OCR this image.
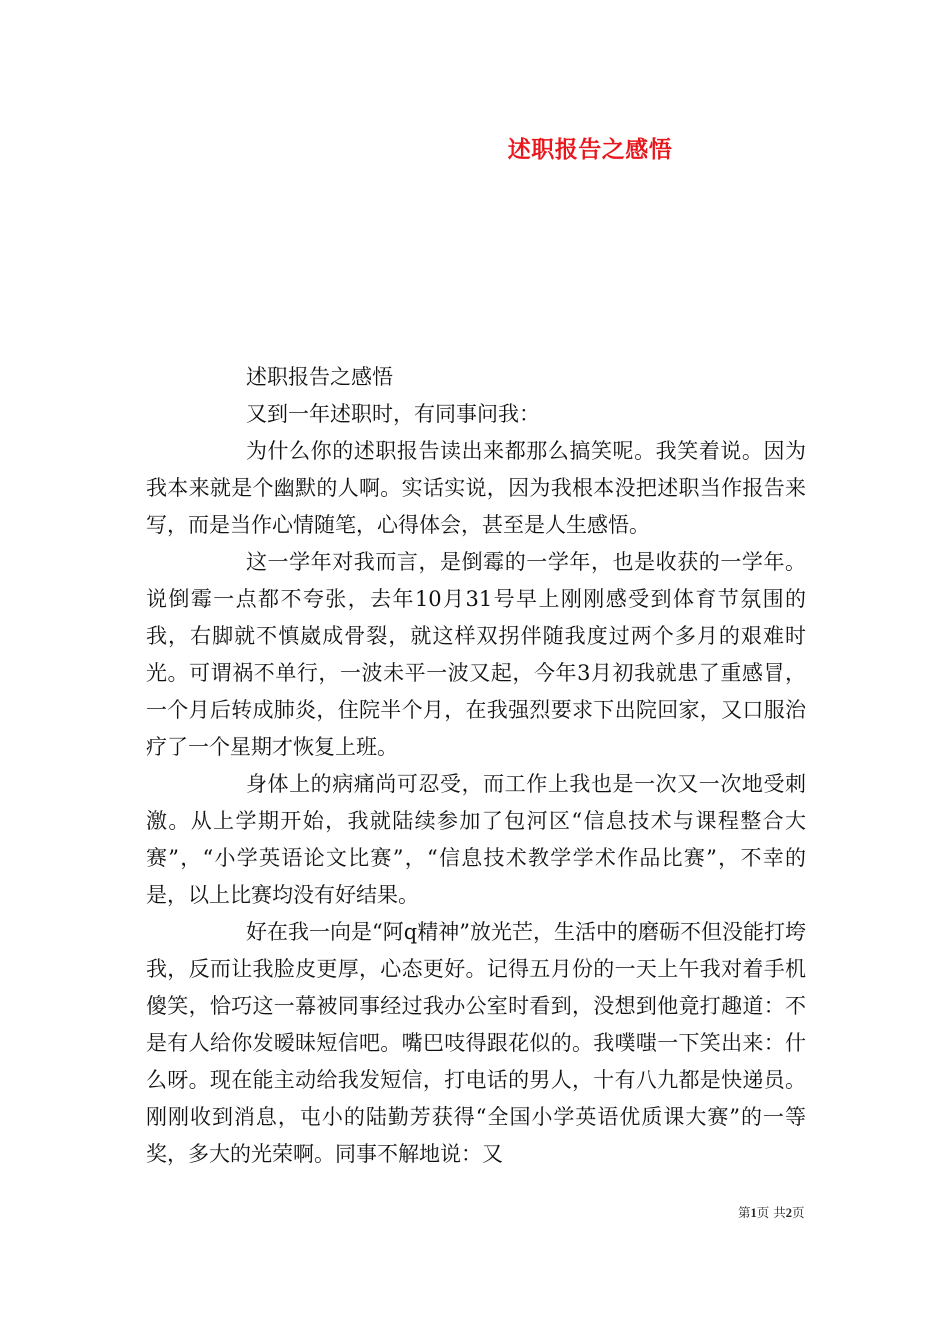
述职报告之感悟

述职报告之感悟

又到一年述职时，有同事问我：

为什么你的述职报告读出来都那么搞笑呢。我笑着说。因为我本来就是个幽默的人啊。实话实说，因为我根本没把述职当作报告来写，而是当作心情随笔，心得体会，甚至是人生感悟。

这一学年对我而言，是倒霉的一学年，也是收获的一学年。说倒霉一点都不夸张，去年10月31号早上刚刚感受到体育节氛围的我，右脚就不慎崴成骨裂，就这样双拐伴随我度过两个多月的艰难时光。可谓祸不单行，一波未平一波又起，今年3月初我就患了重感冒，一个月后转成肺炎，住院半个月，在我强烈要求下出院回家，又口服治疗了一个星期才恢复上班。

身体上的病痛尚可忍受，而工作上我也是一次又一次地受刺激。从上学期开始，我就陆续参加了包河区“信息技术与课程整合大赛”，“小学英语论文比赛”，“信息技术教学学术作品比赛”，不幸的是，以上比赛均没有好结果。

好在我一向是“阿q精神”放光芒，生活中的磨砺不但没能打垮我，反而让我脸皮更厚，心态更好。记得五月份的一天上午我对着手机傻笑，恰巧这一幕被同事经过我办公室时看到，没想到他竟打趣道：不是有人给你发暧昧短信吧。嘴巴吱得跟花似的。我噗嗤一下笑出来：什么呀。现在能主动给我发短信，打电话的男人，十有八九都是快递员。刚刚收到消息，屯小的陆勤芳获得“全国小学英语优质课大赛”的一等奖，多大的光荣啊。同事不解地说：又

第1页 共2页
